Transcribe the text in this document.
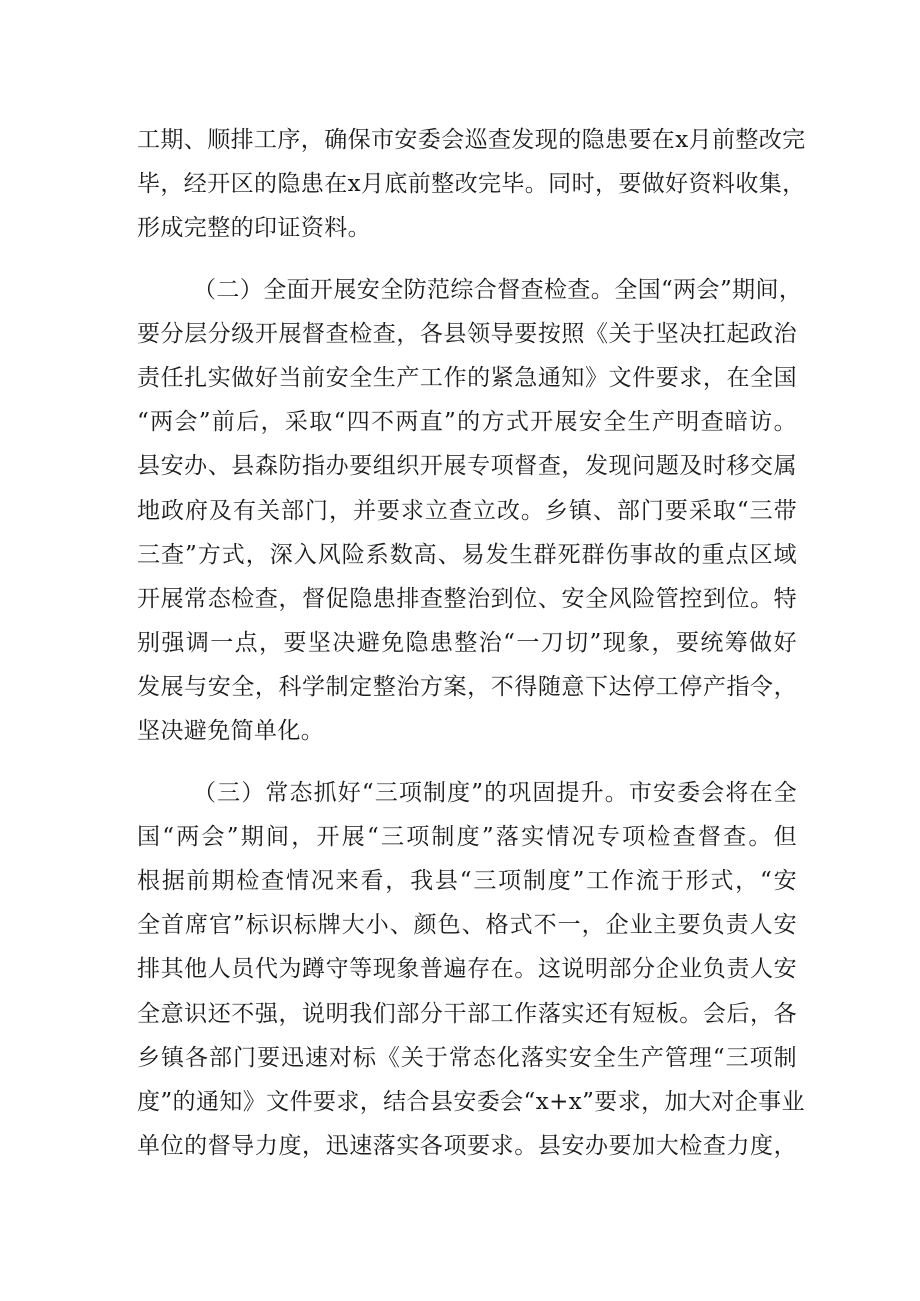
工期、顺排工序，确保市安委会巡查发现的隐患要在x月前整改完
毕，经开区的隐患在x月底前整改完毕。同时，要做好资料收集，
形成完整的印证资料。
（二）全面开展安全防范综合督查检查。全国“两会”期间，
要分层分级开展督查检查，各县领导要按照《关于坚决扛起政治
责任扎实做好当前安全生产工作的紧急通知》文件要求，在全国
“两会”前后，采取“四不两直”的方式开展安全生产明查暗访。
县安办、县森防指办要组织开展专项督查，发现问题及时移交属
地政府及有关部门，并要求立查立改。乡镇、部门要采取“三带
三查”方式，深入风险系数高、易发生群死群伤事故的重点区域
开展常态检查，督促隐患排查整治到位、安全风险管控到位。特
别强调一点，要坚决避免隐患整治“一刀切”现象，要统筹做好
发展与安全，科学制定整治方案，不得随意下达停工停产指令，
坚决避免简单化。
（三）常态抓好“三项制度”的巩固提升。市安委会将在全
国“两会”期间，开展“三项制度”落实情况专项检查督查。但
根据前期检查情况来看，我县“三项制度”工作流于形式，“安
全首席官”标识标牌大小、颜色、格式不一，企业主要负责人安
排其他人员代为蹲守等现象普遍存在。这说明部分企业负责人安
全意识还不强，说明我们部分干部工作落实还有短板。会后，各
乡镇各部门要迅速对标《关于常态化落实安全生产管理“三项制
度”的通知》文件要求，结合县安委会“x+x”要求，加大对企事业
单位的督导力度，迅速落实各项要求。县安办要加大检查力度，
